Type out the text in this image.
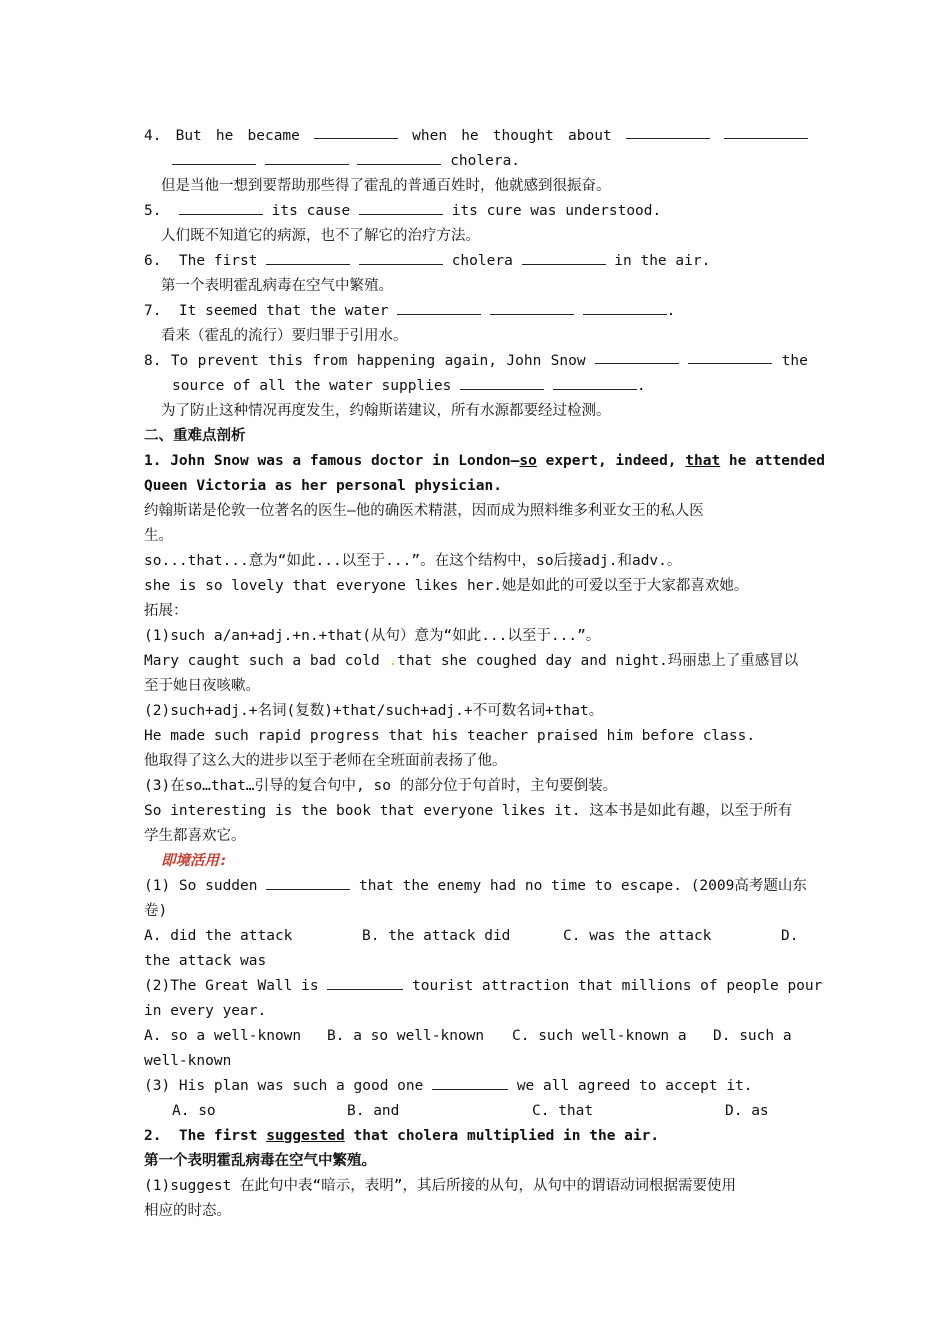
4. But he became	when he thought about
cholera.
但是当他一想到要帮助那些得了霍乱的普通百姓时，他就感到很振奋。
5.	its cause	its cure was understood.
人们既不知道它的病源，也不了解它的治疗方法。
6.  The first	cholera	in the air.
第一个表明霍乱病毒在空气中繁殖。
7.  It seemed that the water	.
看来（霍乱的流行）要归罪于引用水。
8. To prevent this from happening again, John Snow	the
source of all the water supplies	.
为了防止这种情况再度发生，约翰斯诺建议，所有水源都要经过检测。
二、重难点剖析
1. John Snow was a famous doctor in London—so expert, indeed, that he attended
Queen Victoria as her personal physician.
约翰斯诺是伦敦一位著名的医生—他的确医术精湛，因而成为照料维多利亚女王的私人医
生。
so...that...意为“如此...以至于...”。在这个结构中，so后接adj.和adv.。
she is so lovely that everyone likes her.她是如此的可爱以至于大家都喜欢她。
拓展：
(1)such a/an+adj.+n.+that(从句）意为“如此...以至于...”。
Mary caught such a bad cold .that she coughed day and night.玛丽患上了重感冒以
至于她日夜咳嗽。
(2)such+adj.+名词(复数)+that/such+adj.+不可数名词+that。
He made such rapid progress that his teacher praised him before class.
他取得了这么大的进步以至于老师在全班面前表扬了他。
(3)在so…that…引导的复合句中, so 的部分位于句首时，主句要倒装。
So interesting is the book that everyone likes it. 这本书是如此有趣，以至于所有
学生都喜欢它。
即境活用:
(1) So sudden	that the enemy had no time to escape. (2009高考题山东
卷)
A. did the attack	B. the attack did	C. was the attack	D.
the attack was
(2)The Great Wall is	tourist attraction that millions of people pour
in every year.
A. so a well-known	B. a so well-known	C. such well-known a	D. such a
well-known
(3) His plan was such a good one	we all agreed to accept it.
A. so	B. and	C. that	D. as
2.  The first suggested that cholera multiplied in the air.
第一个表明霍乱病毒在空气中繁殖。
(1)suggest 在此句中表“暗示，表明”，其后所接的从句，从句中的谓语动词根据需要使用
相应的时态。
